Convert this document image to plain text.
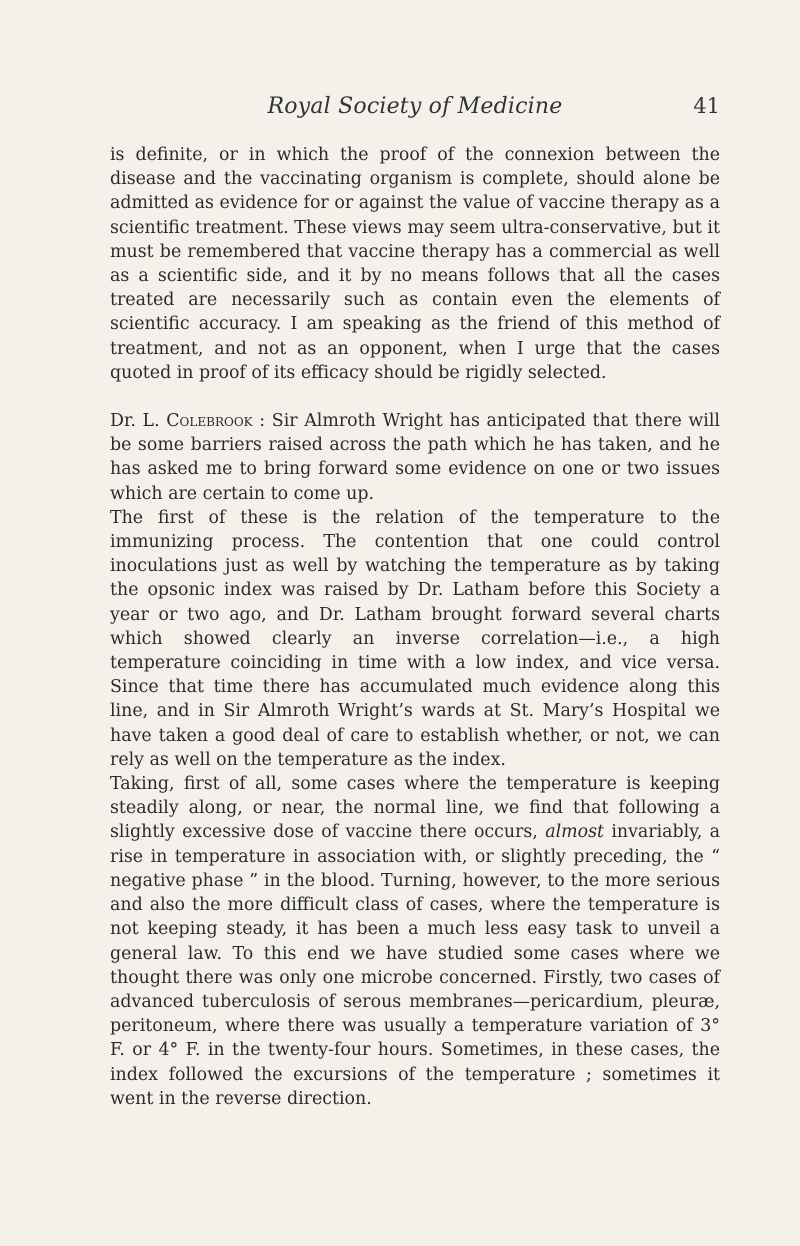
Royal Society of Medicine	41

is definite, or in which the proof of the connexion between the disease and the vaccinating organism is complete, should alone be admitted as evidence for or against the value of vaccine therapy as a scientific treatment. These views may seem ultra-conservative, but it must be remembered that vaccine therapy has a commercial as well as a scientific side, and it by no means follows that all the cases treated are necessarily such as contain even the elements of scientific accuracy. I am speaking as the friend of this method of treatment, and not as an opponent, when I urge that the cases quoted in proof of its efficacy should be rigidly selected.

Dr. L. Colebrook : Sir Almroth Wright has anticipated that there will be some barriers raised across the path which he has taken, and he has asked me to bring forward some evidence on one or two issues which are certain to come up.

The first of these is the relation of the temperature to the immunizing process. The contention that one could control inoculations just as well by watching the temperature as by taking the opsonic index was raised by Dr. Latham before this Society a year or two ago, and Dr. Latham brought forward several charts which showed clearly an inverse correlation—i.e., a high temperature coinciding in time with a low index, and vice versa. Since that time there has accumulated much evidence along this line, and in Sir Almroth Wright’s wards at St. Mary’s Hospital we have taken a good deal of care to establish whether, or not, we can rely as well on the temperature as the index.

Taking, first of all, some cases where the temperature is keeping steadily along, or near, the normal line, we find that following a slightly excessive dose of vaccine there occurs, almost invariably, a rise in temperature in association with, or slightly preceding, the “ negative phase ” in the blood. Turning, however, to the more serious and also the more difficult class of cases, where the temperature is not keeping steady, it has been a much less easy task to unveil a general law. To this end we have studied some cases where we thought there was only one microbe concerned. Firstly, two cases of advanced tuberculosis of serous membranes—pericardium, pleuræ, peritoneum, where there was usually a temperature variation of 3° F. or 4° F. in the twenty-four hours. Sometimes, in these cases, the index followed the excursions of the temperature ; sometimes it went in the reverse direction.
